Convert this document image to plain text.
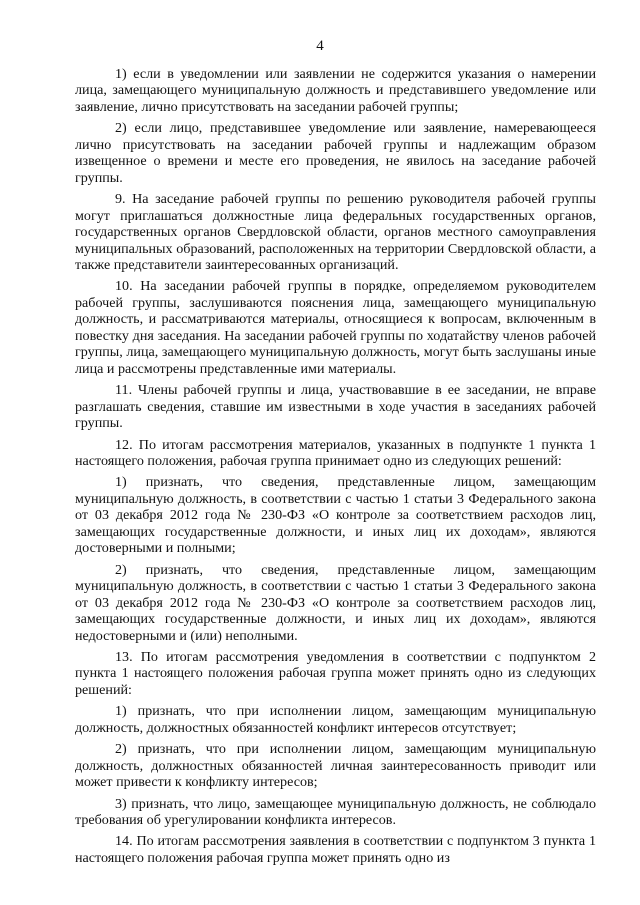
4

1) если в уведомлении или заявлении не содержится указания о намерении лица, замещающего муниципальную должность и представившего уведомление или заявление, лично присутствовать на заседании рабочей группы;

2) если лицо, представившее уведомление или заявление, намеревающееся лично присутствовать на заседании рабочей группы и надлежащим образом извещенное о времени и месте его проведения, не явилось на заседание рабочей группы.

9. На заседание рабочей группы по решению руководителя рабочей группы могут приглашаться должностные лица федеральных государственных органов, государственных органов Свердловской области, органов местного самоуправления муниципальных образований, расположенных на территории Свердловской области, а также представители заинтересованных организаций.

10. На заседании рабочей группы в порядке, определяемом руководителем рабочей группы, заслушиваются пояснения лица, замещающего муниципальную должность, и рассматриваются материалы, относящиеся к вопросам, включенным в повестку дня заседания. На заседании рабочей группы по ходатайству членов рабочей группы, лица, замещающего муниципальную должность, могут быть заслушаны иные лица и рассмотрены представленные ими материалы.

11. Члены рабочей группы и лица, участвовавшие в ее заседании, не вправе разглашать сведения, ставшие им известными в ходе участия в заседаниях рабочей группы.

12. По итогам рассмотрения материалов, указанных в подпункте 1 пункта 1 настоящего положения, рабочая группа принимает одно из следующих решений:

1) признать, что сведения, представленные лицом, замещающим муниципальную должность, в соответствии с частью 1 статьи 3 Федерального закона от 03 декабря 2012 года № 230-ФЗ «О контроле за соответствием расходов лиц, замещающих государственные должности, и иных лиц их доходам», являются достоверными и полными;

2) признать, что сведения, представленные лицом, замещающим муниципальную должность, в соответствии с частью 1 статьи 3 Федерального закона от 03 декабря 2012 года № 230-ФЗ «О контроле за соответствием расходов лиц, замещающих государственные должности, и иных лиц их доходам», являются недостоверными и (или) неполными.

13. По итогам рассмотрения уведомления в соответствии с подпунктом 2 пункта 1 настоящего положения рабочая группа может принять одно из следующих решений:

1) признать, что при исполнении лицом, замещающим муниципальную должность, должностных обязанностей конфликт интересов отсутствует;

2) признать, что при исполнении лицом, замещающим муниципальную должность, должностных обязанностей личная заинтересованность приводит или может привести к конфликту интересов;

3) признать, что лицо, замещающее муниципальную должность, не соблюдало требования об урегулировании конфликта интересов.

14. По итогам рассмотрения заявления в соответствии с подпунктом 3 пункта 1 настоящего положения рабочая группа может принять одно из
